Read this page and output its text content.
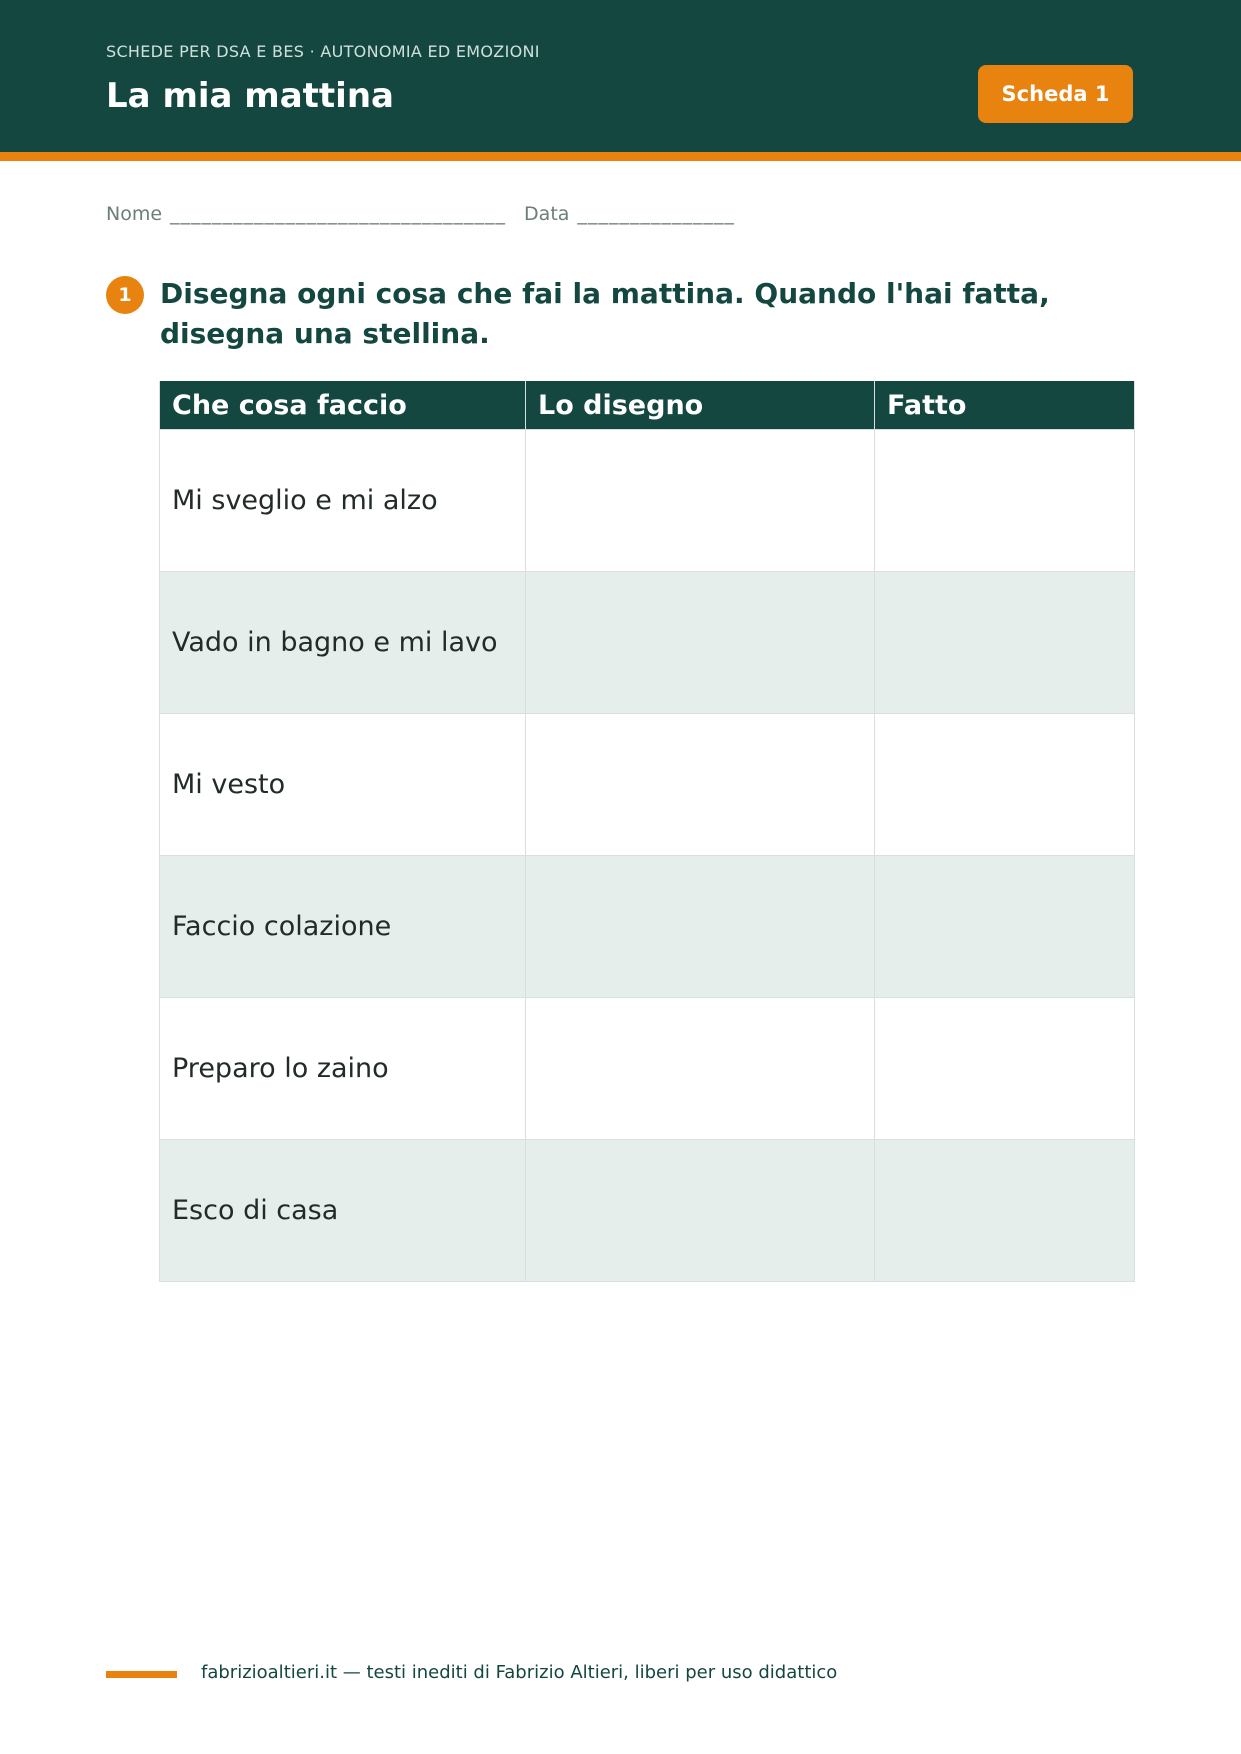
SCHEDE PER DSA E BES · AUTONOMIA ED EMOZIONI
La mia mattina	Scheda 1
Nome ________________________________ Data _______________
1	Disegna ogni cosa che fai la mattina. Quando l'hai fatta, disegna una stellina.
Che cosa faccio	Lo disegno	Fatto
Mi sveglio e mi alzo		
Vado in bagno e mi lavo		
Mi vesto		
Faccio colazione		
Preparo lo zaino		
Esco di casa		
fabrizioaltieri.it — testi inediti di Fabrizio Altieri, liberi per uso didattico
